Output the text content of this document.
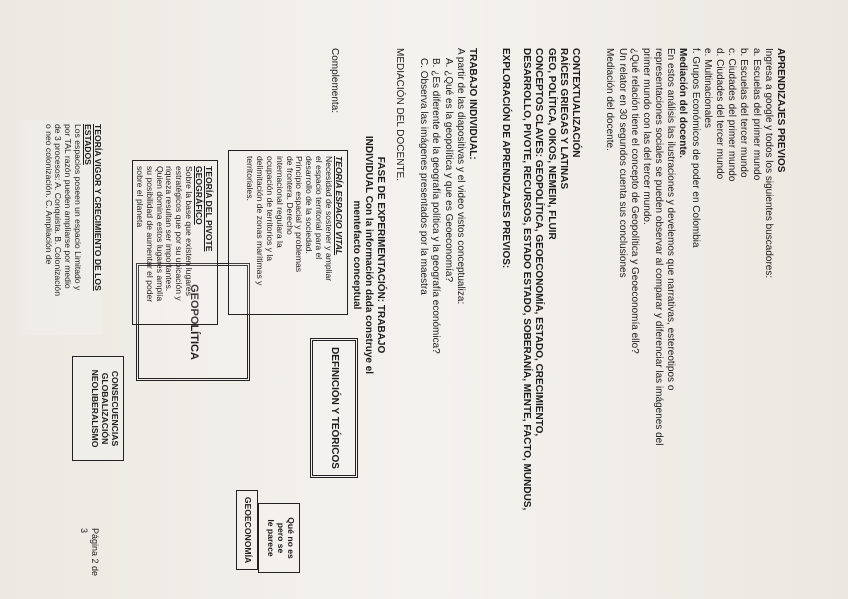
APRENDIZAJES PREVIOS
Ingresa a google y todos los siguientes buscadores:
a. Escuelas del primer mundo
b. Escuelas del tercer mundo
c. Ciudades del primer mundo
d. Ciudades del tercer mundo
e. Multinacionales
f. Grupos Económicos de poder en Colombia
Mediación del docente.
En estos análisis las ilustraciones y develemos que narrativas, estereotipos o
representaciones sociales se pueden observar al comparar y diferenciar las imágenes del
primer mundo con las del tercer mundo.
¿Qué relación tiene el concepto de Geopolítica y Geoeconomía ello?
Un relator en 30 segundos cuenta sus conclusiones
Mediación del docente.
CONTEXTUALIZACIÓN
RAÍCES GRIEGAS Y LATINAS
GEO, POLÍTICA, OIKOS, NEMEIN, FLUIR
CONCEPTOS CLAVES: GEOPOLÍTICA, GEOECONOMÍA, ESTADO, CRECIMIENTO,
DESARROLLO, PIVOTE, RECURSOS, ESTADO ESTADO, SOBERANÍA, MENTE, FACTO, MUNDUS,
EXPLORACIÓN DE APRENDIZAJES PREVIOS:
TRABAJO INDIVIDUAL:
A partir de las diapositivas y el video vistos conceptualiza:
A. ¿Qué es la geopolítica y que es Geoeconomía?
B. ¿Es diferente de la geografía política y la geografía económica?
C. Observa las imágenes presentados por la maestra
MEDIACIÓN DEL DOCENTE.
FASE DE EXPERIMENTACIÓN: TRABAJO
INDIVIDUAL Con la información dada construye el
mentefacto conceptual
Complementa:
DEFINICIÓN Y TEÓRICOS
Qué no es pero se
le parece
GEOECONOMÍA
GEOPOLÍTICA
CONSECUENCIAS
GLOBALIZACIÓN
NEOLIBERALISMO
TEORÍA ESPACIO VITAL
Necesidad de sostener y ampliar
el espacio territorial para el
desarrollo de la sociedad.
Principio espacial y problemas
de frontera. Derecho
internacional regulara la
ocupación de territorios y la
delimitación de zonas marítimas y
territoriales.
TEORÍA DEL PIVOTE
GEOGRÁFICO
Sobre la base que existen lugares
estratégicos que por su ubicación y
riqueza resultan ser importantes.
Quien domina estos lugares amplía
su posibilidad de aumentar el poder
sobre el planeta
TEORÍA VIGOR Y CRECIMIENTO DE LOS
ESTADOS
Los espacios poseen un espacio Limitado y
por TAL razón pueden ampliarse por medio
de 3 procesos: A. Conquista. B. Colonización
o neo colonización. C. Ampliación de
Página 2 de 3
